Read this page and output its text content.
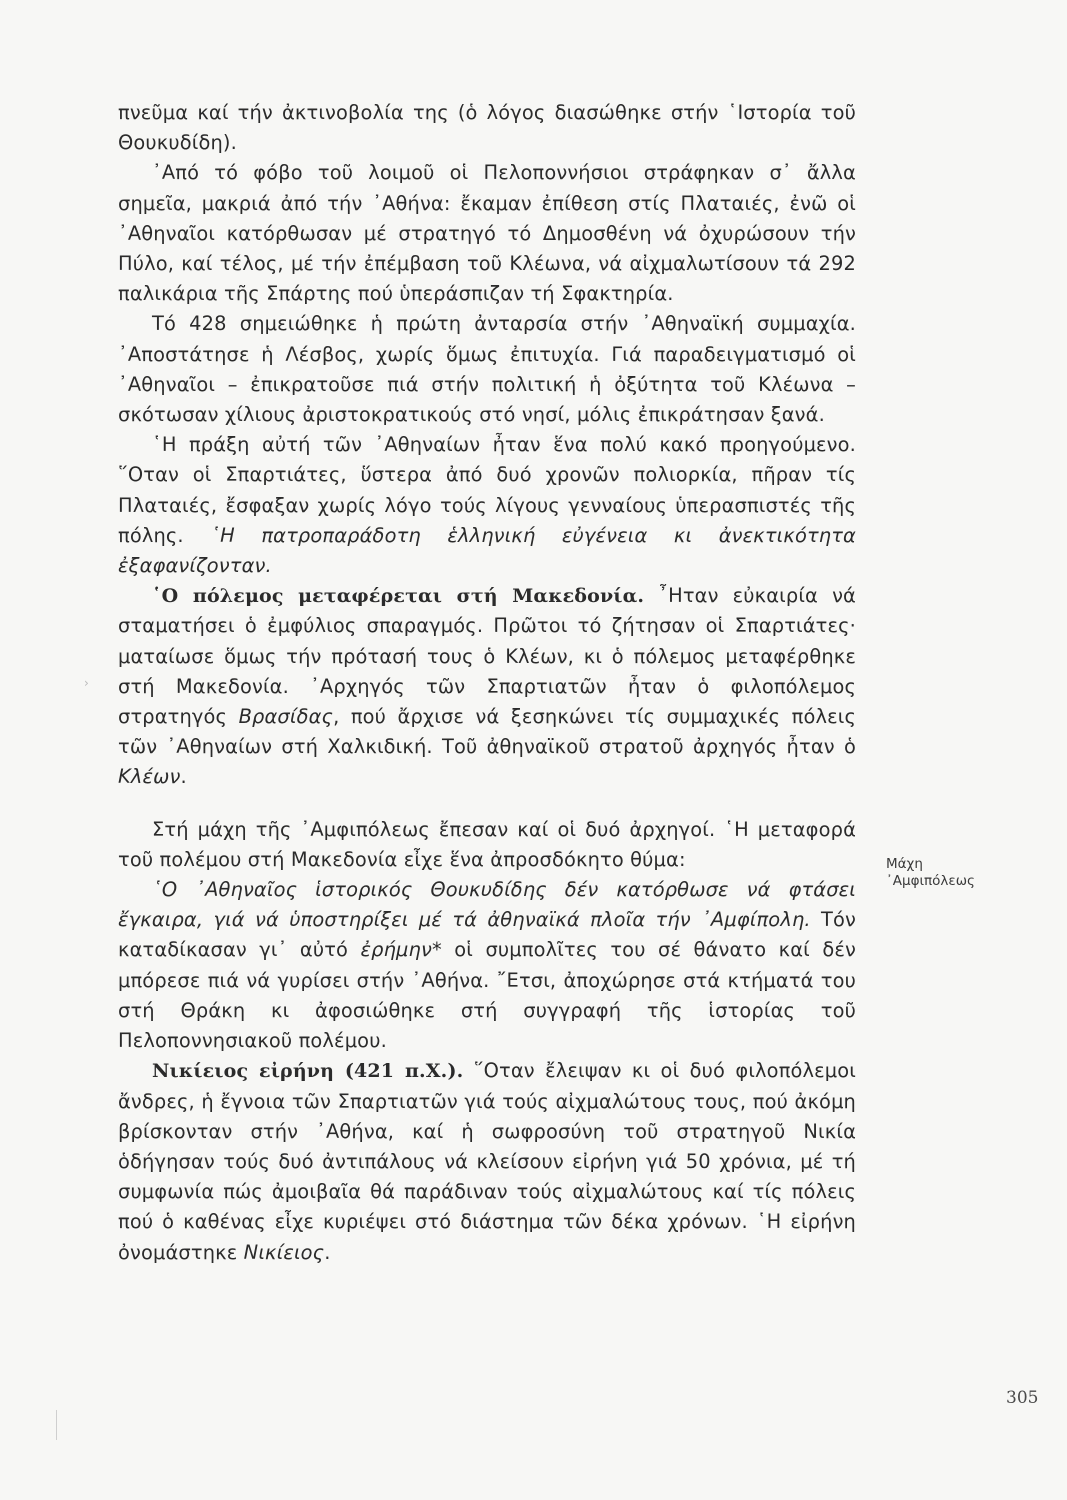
πνεῦμα καί τήν ἀκτινοβολία της (ὁ λόγος διασώθηκε στήν ῾Ιστορία τοῦ Θουκυδίδη).

᾿Από τό φόβο τοῦ λοιμοῦ οἱ Πελοποννήσιοι στράφηκαν σ᾿ ἄλλα σημεῖα, μακριά ἀπό τήν ᾿Αθήνα: ἔκαμαν ἐπίθεση στίς Πλαταιές, ἐνῶ οἱ ᾿Αθηναῖοι κατόρθωσαν μέ στρατηγό τό Δημοσθένη νά ὀχυρώσουν τήν Πύλο, καί τέλος, μέ τήν ἐπέμβαση τοῦ Κλέωνα, νά αἰχμαλωτίσουν τά 292 παλικάρια τῆς Σπάρτης πού ὑπεράσπιζαν τή Σφακτηρία.

Τό 428 σημειώθηκε ἡ πρώτη ἀνταρσία στήν ᾿Αθηναϊκή συμμαχία. ᾿Αποστάτησε ἡ Λέσβος, χωρίς ὅμως ἐπιτυχία. Γιά παραδειγματισμό οἱ ᾿Αθηναῖοι – ἐπικρατοῦσε πιά στήν πολιτική ἡ ὀξύτητα τοῦ Κλέωνα – σκότωσαν χίλιους ἀριστοκρατικούς στό νησί, μόλις ἐπικράτησαν ξανά.

῾Η πράξη αὐτή τῶν ᾿Αθηναίων ἦταν ἕνα πολύ κακό προηγούμενο. ῞Οταν οἱ Σπαρτιάτες, ὕστερα ἀπό δυό χρονῶν πολιορκία, πῆραν τίς Πλαταιές, ἔσφαξαν χωρίς λόγο τούς λίγους γενναίους ὑπερασπιστές τῆς πόλης. ῾Η πατροπαράδοτη ἑλληνική εὐγένεια κι ἀνεκτικότητα ἐξαφανίζονταν.

῾Ο πόλεμος μεταφέρεται στή Μακεδονία. ῏Ηταν εὐκαιρία νά σταματήσει ὁ ἐμφύλιος σπαραγμός. Πρῶτοι τό ζήτησαν οἱ Σπαρτιάτες· ματαίωσε ὅμως τήν πρότασή τους ὁ Κλέων, κι ὁ πόλεμος μεταφέρθηκε στή Μακεδονία. ᾿Αρχηγός τῶν Σπαρτιατῶν ἦταν ὁ φιλοπόλεμος στρατηγός Βρασίδας, πού ἄρχισε νά ξεσηκώνει τίς συμμαχικές πόλεις τῶν ᾿Αθηναίων στή Χαλκιδική. Τοῦ ἀθηναϊκοῦ στρατοῦ ἀρχηγός ἦταν ὁ Κλέων.

Στή μάχη τῆς ᾿Αμφιπόλεως ἔπεσαν καί οἱ δυό ἀρχηγοί. ῾Η μεταφορά τοῦ πολέμου στή Μακεδονία εἶχε ἕνα ἀπροσδόκητο θύμα:

῾Ο ᾿Αθηναῖος ἱστορικός Θουκυδίδης δέν κατόρθωσε νά φτάσει ἔγκαιρα, γιά νά ὑποστηρίξει μέ τά ἀθηναϊκά πλοῖα τήν ᾿Αμφίπολη. Τόν καταδίκασαν γι᾿ αὐτό ἐρήμην* οἱ συμπολῖτες του σέ θάνατο καί δέν μπόρεσε πιά νά γυρίσει στήν ᾿Αθήνα. ῎Ετσι, ἀποχώρησε στά κτήματά του στή Θράκη κι ἀφοσιώθηκε στή συγγραφή τῆς ἱστορίας τοῦ Πελοποννησιακοῦ πολέμου.

Νικίειος εἰρήνη (421 π.Χ.). ῞Οταν ἔλειψαν κι οἱ δυό φιλοπόλεμοι ἄνδρες, ἡ ἔγνοια τῶν Σπαρτιατῶν γιά τούς αἰχμαλώτους τους, πού ἀκόμη βρίσκονταν στήν ᾿Αθήνα, καί ἡ σωφροσύνη τοῦ στρατηγοῦ Νικία ὁδήγησαν τούς δυό ἀντιπάλους νά κλείσουν εἰρήνη γιά 50 χρόνια, μέ τή συμφωνία πώς ἀμοιβαῖα θά παράδιναν τούς αἰχμαλώτους καί τίς πόλεις πού ὁ καθένας εἶχε κυριέψει στό διάστημα τῶν δέκα χρόνων. ῾Η εἰρήνη ὀνομάστηκε Νικίειος.

Μάχη
᾿Αμφιπόλεως
›
305
